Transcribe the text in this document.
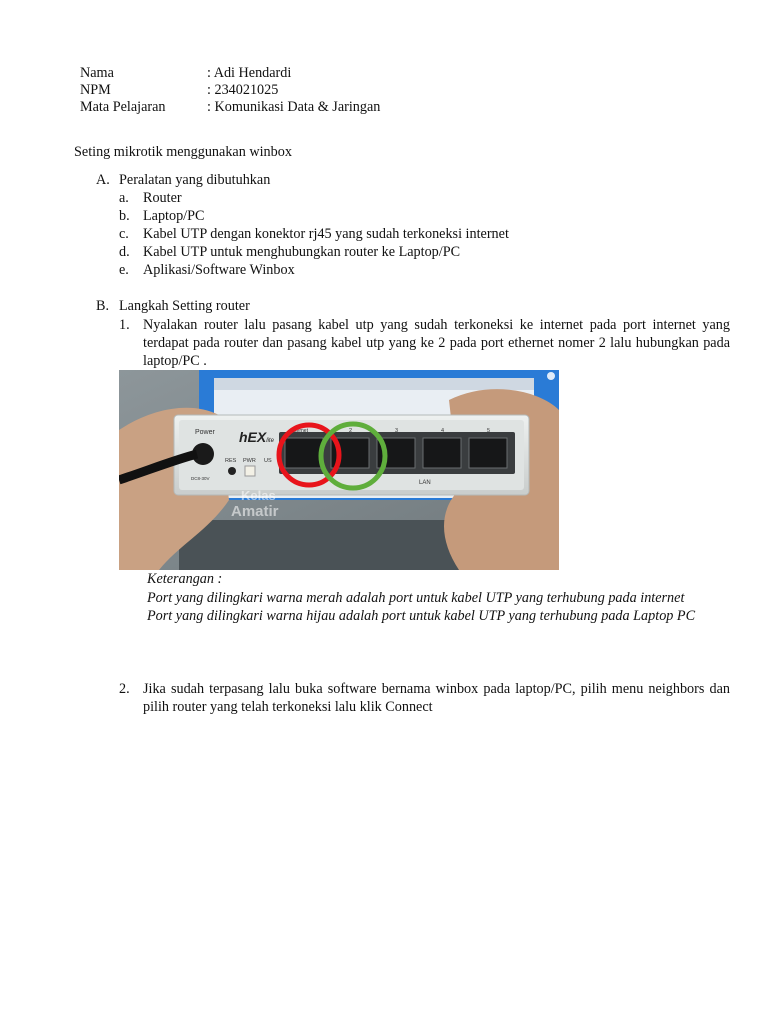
Nama	: Adi Hendardi
NPM	: 234021025
Mata Pelajaran	: Komunikasi Data & Jaringan
Seting mikrotik menggunakan winbox
A. Peralatan yang dibutuhkan
a. Router
b. Laptop/PC
c. Kabel UTP dengan konektor rj45 yang sudah terkoneksi internet
d. Kabel UTP untuk menghubungkan router ke Laptop/PC
e. Aplikasi/Software Winbox
B. Langkah Setting router
1. Nyalakan router lalu pasang kabel utp yang sudah terkoneksi ke internet pada port internet yang terdapat pada router dan pasang kabel utp yang ke 2 pada port ethernet nomer 2 lalu hubungkan pada laptop/PC .
Power
DC8-30V
hEXlite
RES PWR US
Internet	2	3	4	5
LAN
Kelas
Amatir
Keterangan :
Port yang dilingkari warna merah adalah port untuk kabel UTP yang terhubung pada internet
Port yang dilingkari warna hijau adalah port untuk kabel UTP yang terhubung pada Laptop PC
2. Jika sudah terpasang lalu buka software bernama winbox pada laptop/PC, pilih menu neighbors dan pilih router yang telah terkoneksi lalu klik Connect
